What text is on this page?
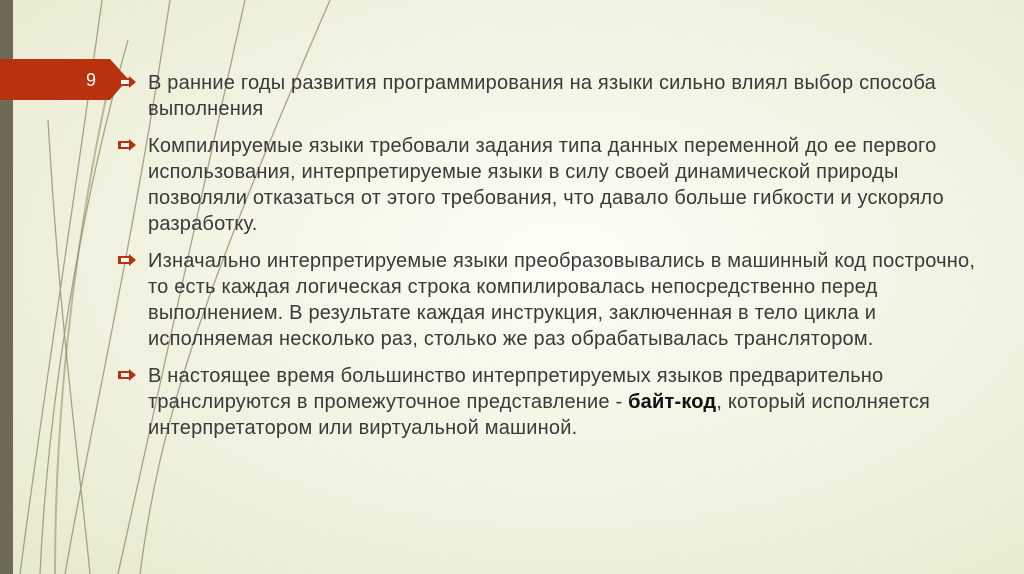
9	В ранние годы развития программирования на языки сильно влиял выбор способа выполнения
Компилируемые языки требовали задания типа данных переменной до ее первого использования, интерпретируемые языки в силу своей динамической природы позволяли отказаться от этого требования, что давало больше гибкости и ускоряло разработку.
Изначально интерпретируемые языки преобразовывались в машинный код построчно, то есть каждая логическая строка компилировалась непосредственно перед выполнением. В результате каждая инструкция, заключенная в тело цикла и исполняемая несколько раз, столько же раз обрабатывалась транслятором.
В настоящее время большинство интерпретируемых языков предварительно транслируются в промежуточное представление - байт-код, который исполняется интерпретатором или виртуальной машиной.
